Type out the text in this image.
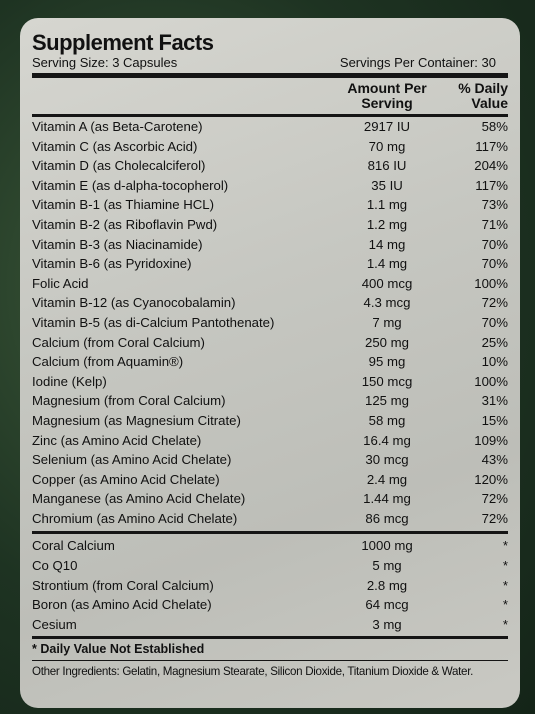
Supplement Facts
Serving Size: 3 Capsules	Servings Per Container: 30
Amount Per
Serving
% Daily
Value
Vitamin A (as Beta-Carotene)	2917 IU	58%
Vitamin C (as Ascorbic Acid)	70 mg	117%
Vitamin D (as Cholecalciferol)	816 IU	204%
Vitamin E (as d-alpha-tocopherol)	35 IU	117%
Vitamin B-1 (as Thiamine HCL)	1.1 mg	73%
Vitamin B-2 (as Riboflavin Pwd)	1.2 mg	71%
Vitamin B-3 (as Niacinamide)	14 mg	70%
Vitamin B-6 (as Pyridoxine)	1.4 mg	70%
Folic Acid	400 mcg	100%
Vitamin B-12 (as Cyanocobalamin)	4.3 mcg	72%
Vitamin B-5 (as di-Calcium Pantothenate)	7 mg	70%
Calcium (from Coral Calcium)	250 mg	25%
Calcium (from Aquamin®)	95 mg	10%
Iodine (Kelp)	150 mcg	100%
Magnesium (from Coral Calcium)	125 mg	31%
Magnesium (as Magnesium Citrate)	58 mg	15%
Zinc (as Amino Acid Chelate)	16.4 mg	109%
Selenium (as Amino Acid Chelate)	30 mcg	43%
Copper (as Amino Acid Chelate)	2.4 mg	120%
Manganese (as Amino Acid Chelate)	1.44 mg	72%
Chromium (as Amino Acid Chelate)	86 mcg	72%
Coral Calcium	1000 mg	*
Co Q10	5 mg	*
Strontium (from Coral Calcium)	2.8 mg	*
Boron (as Amino Acid Chelate)	64 mcg	*
Cesium	3 mg	*
* Daily Value Not Established
Other Ingredients: Gelatin, Magnesium Stearate, Silicon Dioxide, Titanium Dioxide & Water.
